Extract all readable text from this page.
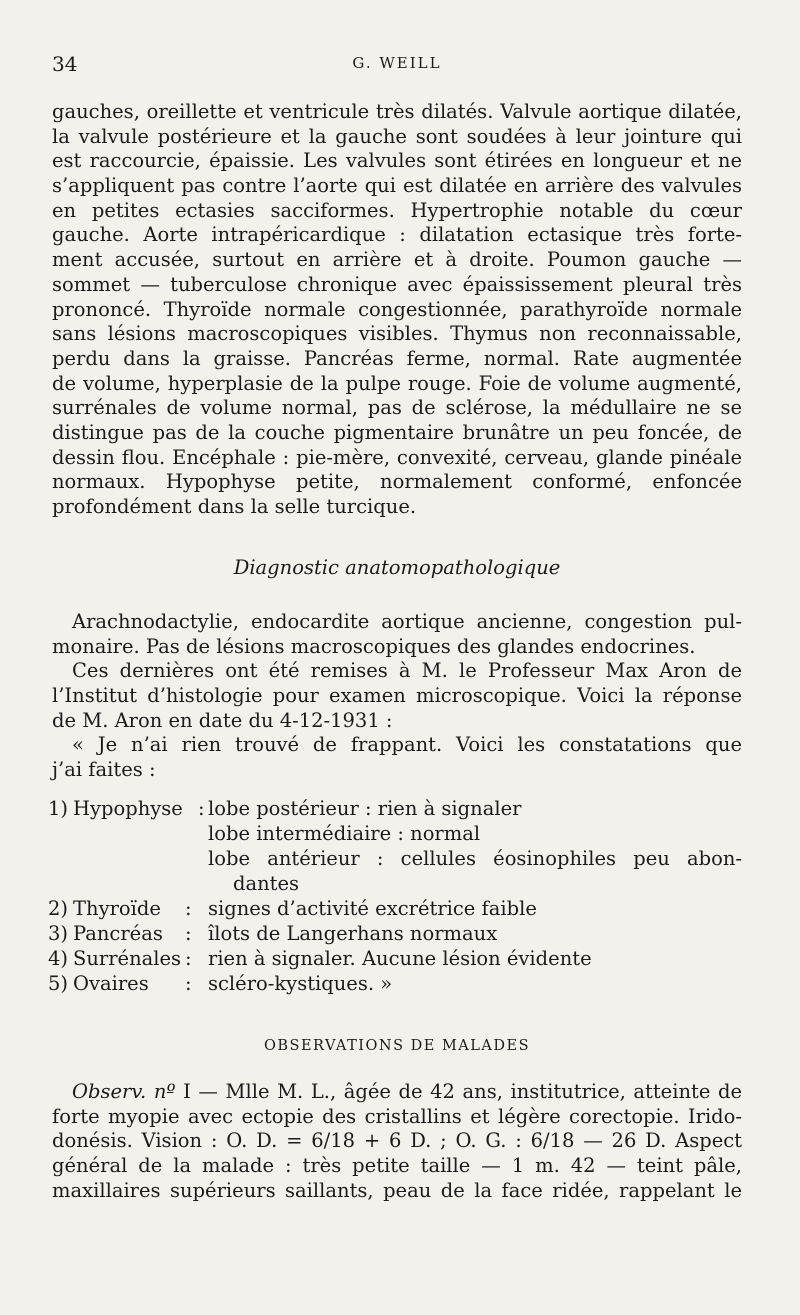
34	G. WEILL
gauches, oreillette et ventricule très dilatés. Valvule aortique dilatée,
la valvule postérieure et la gauche sont soudées à leur jointure qui
est raccourcie, épaissie. Les valvules sont étirées en longueur et ne
s’appliquent pas contre l’aorte qui est dilatée en arrière des valvules
en petites ectasies sacciformes. Hypertrophie notable du cœur
gauche. Aorte intrapéricardique : dilatation ectasique très forte-
ment accusée, surtout en arrière et à droite. Poumon gauche —
sommet — tuberculose chronique avec épaississement pleural très
prononcé. Thyroïde normale congestionnée, parathyroïde normale
sans lésions macroscopiques visibles. Thymus non reconnaissable,
perdu dans la graisse. Pancréas ferme, normal. Rate augmentée
de volume, hyperplasie de la pulpe rouge. Foie de volume augmenté,
surrénales de volume normal, pas de sclérose, la médullaire ne se
distingue pas de la couche pigmentaire brunâtre un peu foncée, de
dessin flou. Encéphale : pie-mère, convexité, cerveau, glande pinéale
normaux. Hypophyse petite, normalement conformé, enfoncée
profondément dans la selle turcique.
Diagnostic anatomopathologique
Arachnodactylie, endocardite aortique ancienne, congestion pul-
monaire. Pas de lésions macroscopiques des glandes endocrines.
Ces dernières ont été remises à M. le Professeur Max Aron de
l’Institut d’histologie pour examen microscopique. Voici la réponse
de M. Aron en date du 4-12-1931 :
« Je n’ai rien trouvé de frappant. Voici les constatations que
j’ai faites :
1) Hypophyse : lobe postérieur : rien à signaler
lobe intermédiaire : normal
lobe antérieur : cellules éosinophiles peu abon-
dantes
2) Thyroïde : signes d’activité excrétrice faible
3) Pancréas : îlots de Langerhans normaux
4) Surrénales : rien à signaler. Aucune lésion évidente
5) Ovaires : scléro-kystiques. »
OBSERVATIONS DE MALADES
Observ. nº I — Mlle M. L., âgée de 42 ans, institutrice, atteinte de
forte myopie avec ectopie des cristallins et légère corectopie. Irido-
donésis. Vision : O. D. = 6/18 + 6 D. ; O. G. : 6/18 — 26 D. Aspect
général de la malade : très petite taille — 1 m. 42 — teint pâle,
maxillaires supérieurs saillants, peau de la face ridée, rappelant le
